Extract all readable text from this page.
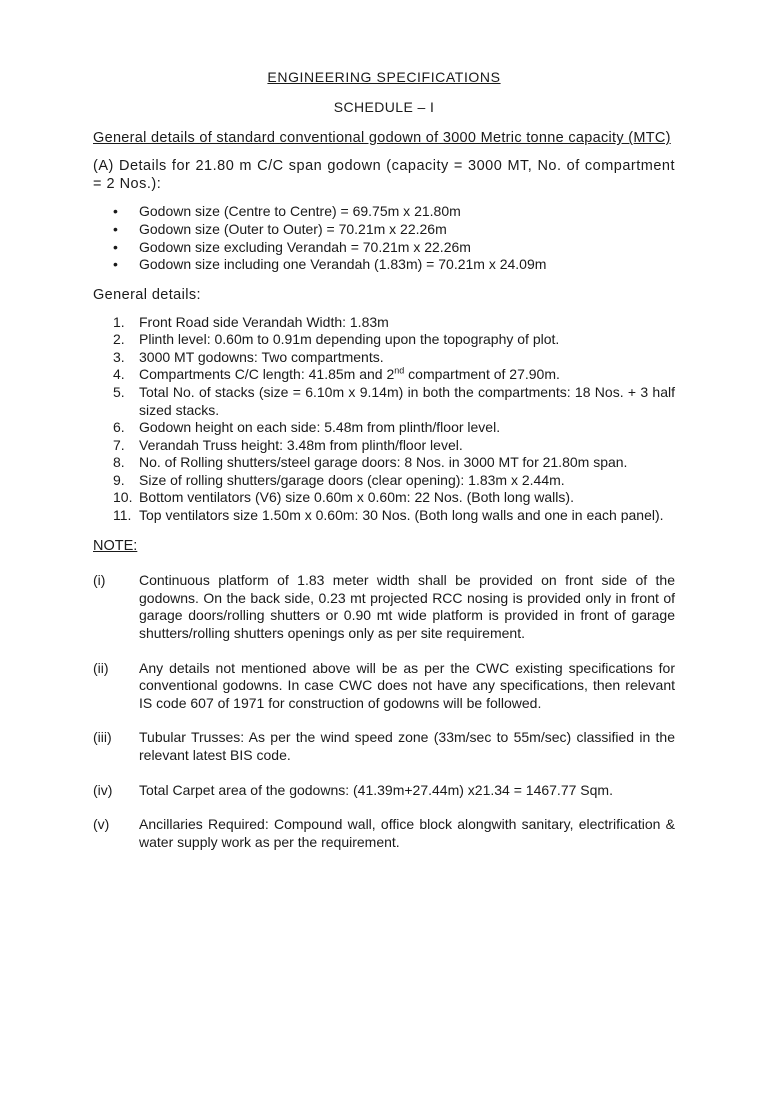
ENGINEERING SPECIFICATIONS
SCHEDULE – I
General details of standard conventional godown of 3000 Metric tonne capacity (MTC)
(A) Details for 21.80 m C/C span godown (capacity = 3000 MT, No. of compartment = 2 Nos.):
• Godown size (Centre to Centre) = 69.75m x 21.80m
• Godown size (Outer to Outer) = 70.21m x 22.26m
• Godown size excluding Verandah = 70.21m x 22.26m
• Godown size including one Verandah (1.83m) = 70.21m x 24.09m
General details:
1.	Front Road side Verandah Width: 1.83m
2.	Plinth level: 0.60m to 0.91m depending upon the topography of plot.
3.	3000 MT godowns: Two compartments.
4.	Compartments C/C length: 41.85m and 2nd compartment of 27.90m.
5.	Total No. of stacks (size = 6.10m x 9.14m) in both the compartments: 18 Nos. + 3 half sized stacks.
6.	Godown height on each side: 5.48m from plinth/floor level.
7.	Verandah Truss height: 3.48m from plinth/floor level.
8.	No. of Rolling shutters/steel garage doors: 8 Nos. in 3000 MT for 21.80m span.
9.	Size of rolling shutters/garage doors (clear opening): 1.83m x 2.44m.
10. Bottom ventilators (V6) size 0.60m x 0.60m: 22 Nos. (Both long walls).
11. Top ventilators size 1.50m x 0.60m: 30 Nos. (Both long walls and one in each panel).
NOTE:
(i) Continuous platform of 1.83 meter width shall be provided on front side of the godowns. On the back side, 0.23 mt projected RCC nosing is provided only in front of garage doors/rolling shutters or 0.90 mt wide platform is provided in front of garage shutters/rolling shutters openings only as per site requirement.
(ii) Any details not mentioned above will be as per the CWC existing specifications for conventional godowns. In case CWC does not have any specifications, then relevant IS code 607 of 1971 for construction of godowns will be followed.
(iii) Tubular Trusses: As per the wind speed zone (33m/sec to 55m/sec) classified in the relevant latest BIS code.
(iv) Total Carpet area of the godowns: (41.39m+27.44m) x21.34 = 1467.77 Sqm.
(v) Ancillaries Required: Compound wall, office block alongwith sanitary, electrification & water supply work as per the requirement.
